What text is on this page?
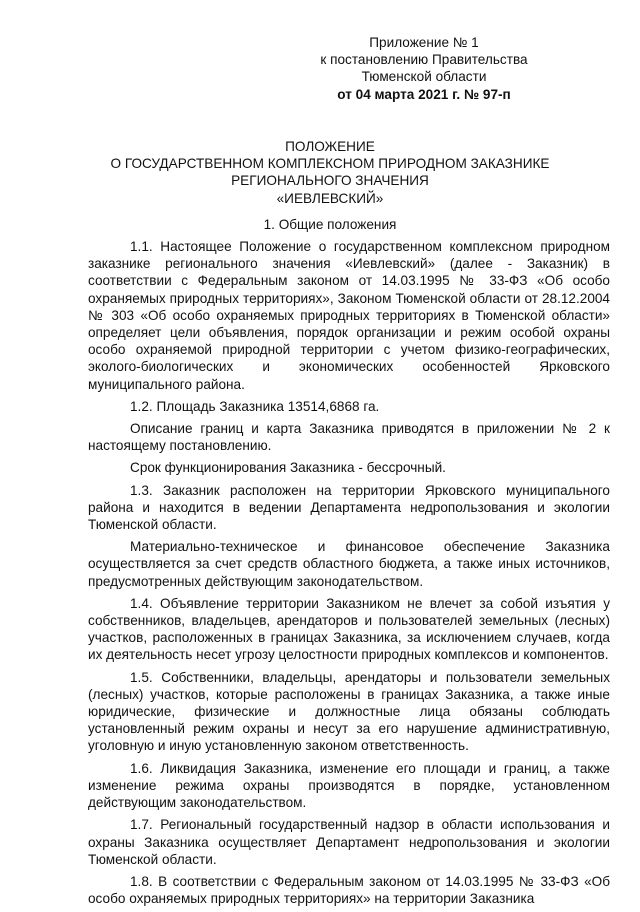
Приложение № 1
к постановлению Правительства
Тюменской области
от 04 марта 2021 г. № 97-п
ПОЛОЖЕНИЕ
О ГОСУДАРСТВЕННОМ КОМПЛЕКСНОМ ПРИРОДНОМ ЗАКАЗНИКЕ
РЕГИОНАЛЬНОГО ЗНАЧЕНИЯ
«ИЕВЛЕВСКИЙ»
1. Общие положения

1.1. Настоящее Положение о государственном комплексном природном заказнике регионального значения «Иевлевский» (далее - Заказник) в соответствии с Федеральным законом от 14.03.1995 № 33-ФЗ «Об особо охраняемых природных территориях», Законом Тюменской области от 28.12.2004 № 303 «Об особо охраняемых природных территориях в Тюменской области» определяет цели объявления, порядок организации и режим особой охраны особо охраняемой природной территории с учетом физико-географических, эколого-биологических и экономических особенностей Ярковского муниципального района.

1.2. Площадь Заказника 13514,6868 га.

Описание границ и карта Заказника приводятся в приложении № 2 к настоящему постановлению.

Срок функционирования Заказника - бессрочный.

1.3. Заказник расположен на территории Ярковского муниципального района и находится в ведении Департамента недропользования и экологии Тюменской области.

Материально-техническое и финансовое обеспечение Заказника осуществляется за счет средств областного бюджета, а также иных источников, предусмотренных действующим законодательством.

1.4. Объявление территории Заказником не влечет за собой изъятия у собственников, владельцев, арендаторов и пользователей земельных (лесных) участков, расположенных в границах Заказника, за исключением случаев, когда их деятельность несет угрозу целостности природных комплексов и компонентов.

1.5. Собственники, владельцы, арендаторы и пользователи земельных (лесных) участков, которые расположены в границах Заказника, а также иные юридические, физические и должностные лица обязаны соблюдать установленный режим охраны и несут за его нарушение административную, уголовную и иную установленную законом ответственность.

1.6. Ликвидация Заказника, изменение его площади и границ, а также изменение режима охраны производятся в порядке, установленном действующим законодательством.

1.7. Региональный государственный надзор в области использования и охраны Заказника осуществляет Департамент недропользования и экологии Тюменской области.

1.8. В соответствии с Федеральным законом от 14.03.1995 № 33-ФЗ «Об особо охраняемых природных территориях» на территории Заказника
